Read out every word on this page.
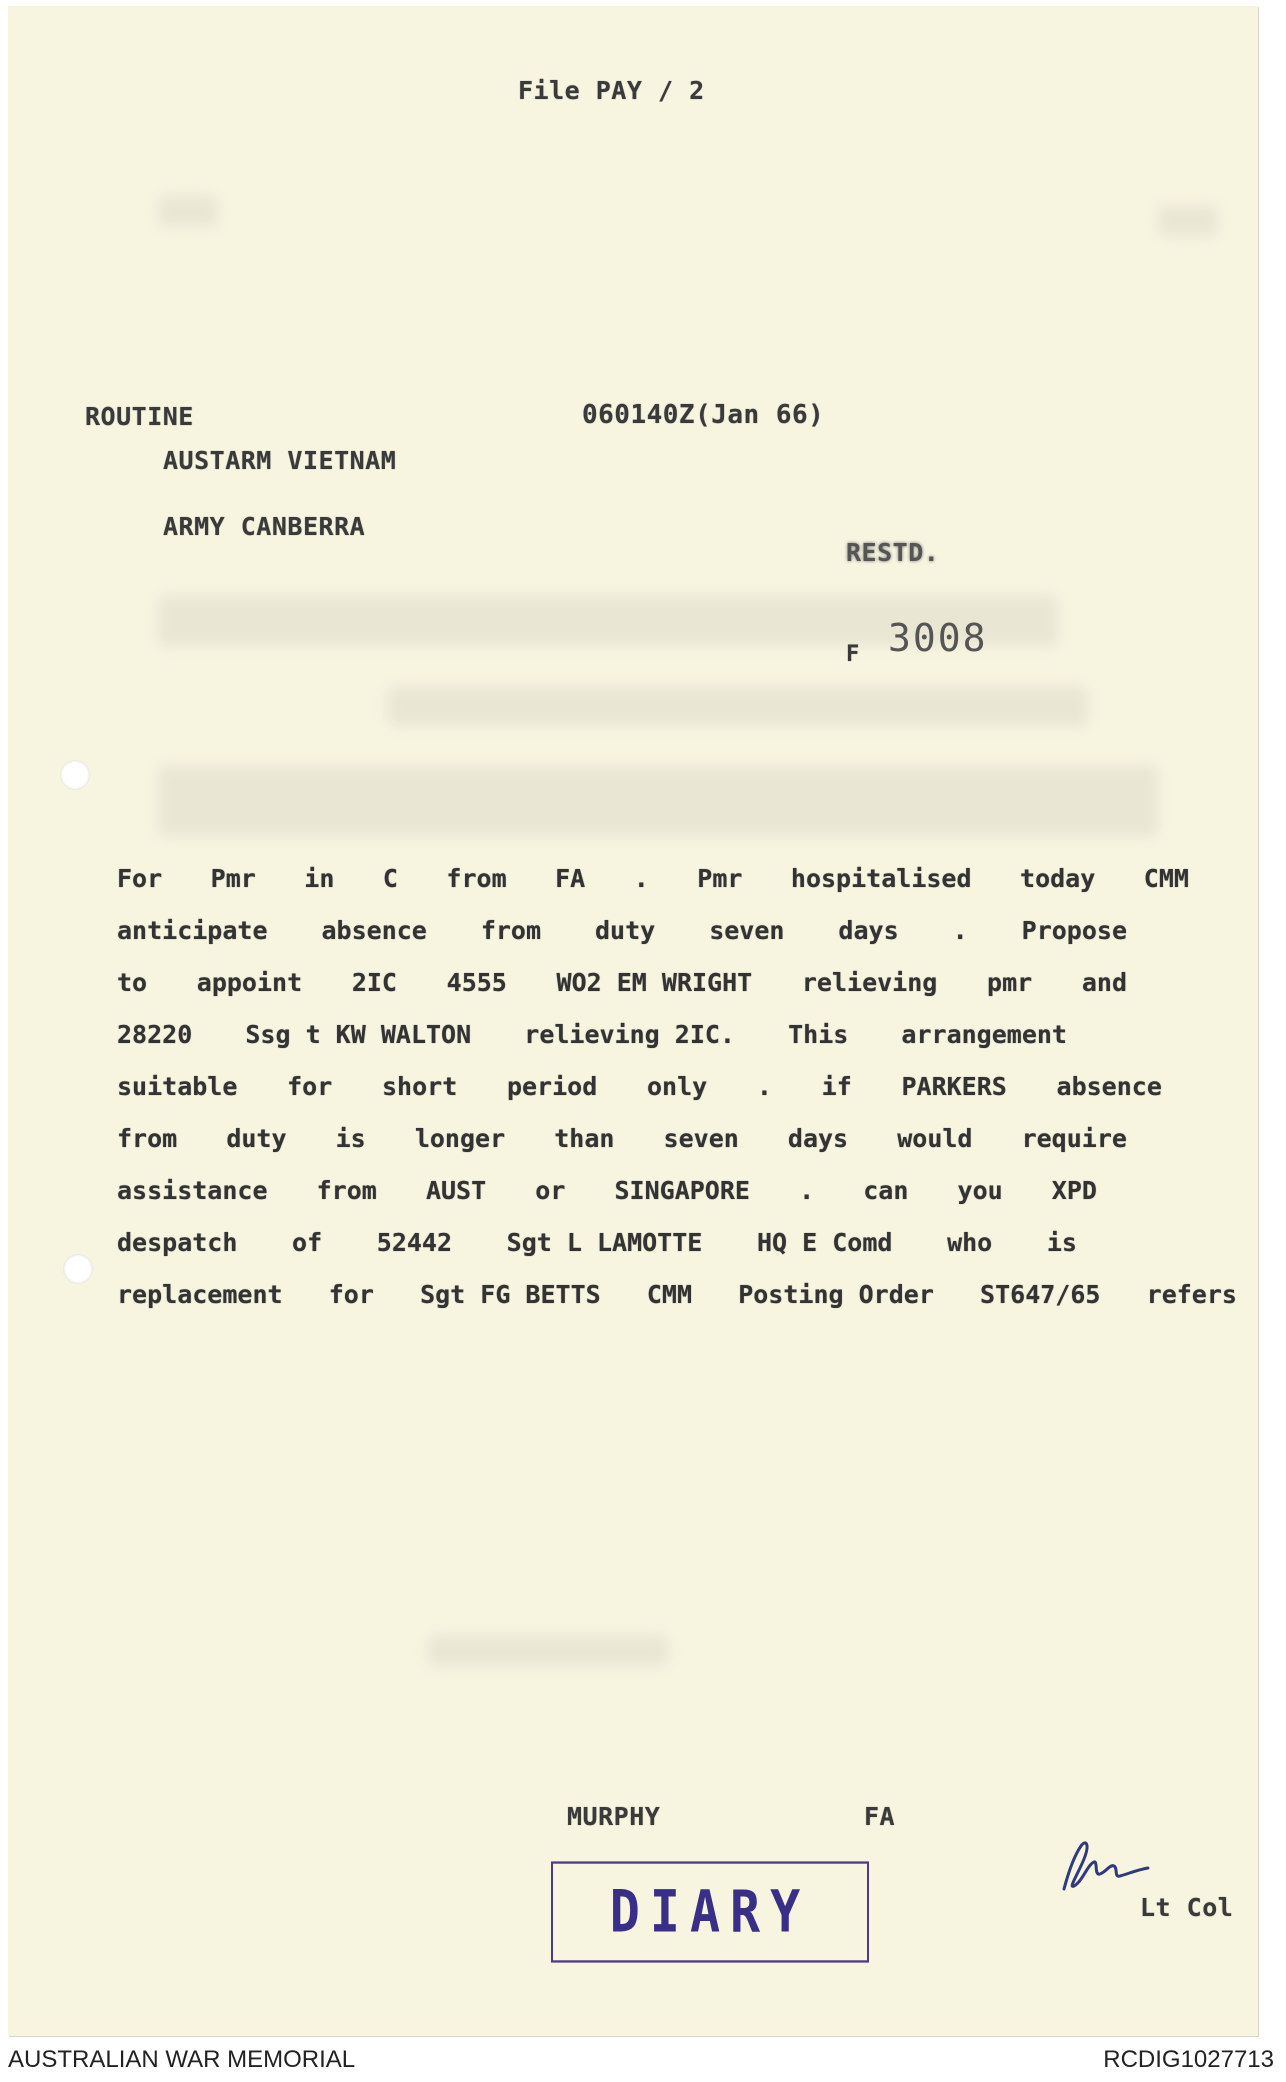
File PAY / 2
ROUTINE	060140Z(Jan 66)
AUSTARM VIETNAM
ARMY CANBERRA
RESTD.
F 3008
For Pmr in C from FA . Pmr hospitalised today CMM
anticipate absence from duty seven days . Propose
to appoint 2IC 4555 WO2 EM WRIGHT relieving pmr and
28220 Ssg t KW WALTON relieving 2IC. This arrangement
suitable for short period only . if PARKERS absence
from duty is longer than seven days would require
assistance from AUST or SINGAPORE . can you XPD
despatch of 52442 Sgt L LAMOTTE HQ E Comd who is
replacement for Sgt FG BETTS CMM Posting Order ST647/65 refers
MURPHY	FA
Lt Col
DIARY
AUSTRALIAN WAR MEMORIAL	RCDIG1027713
